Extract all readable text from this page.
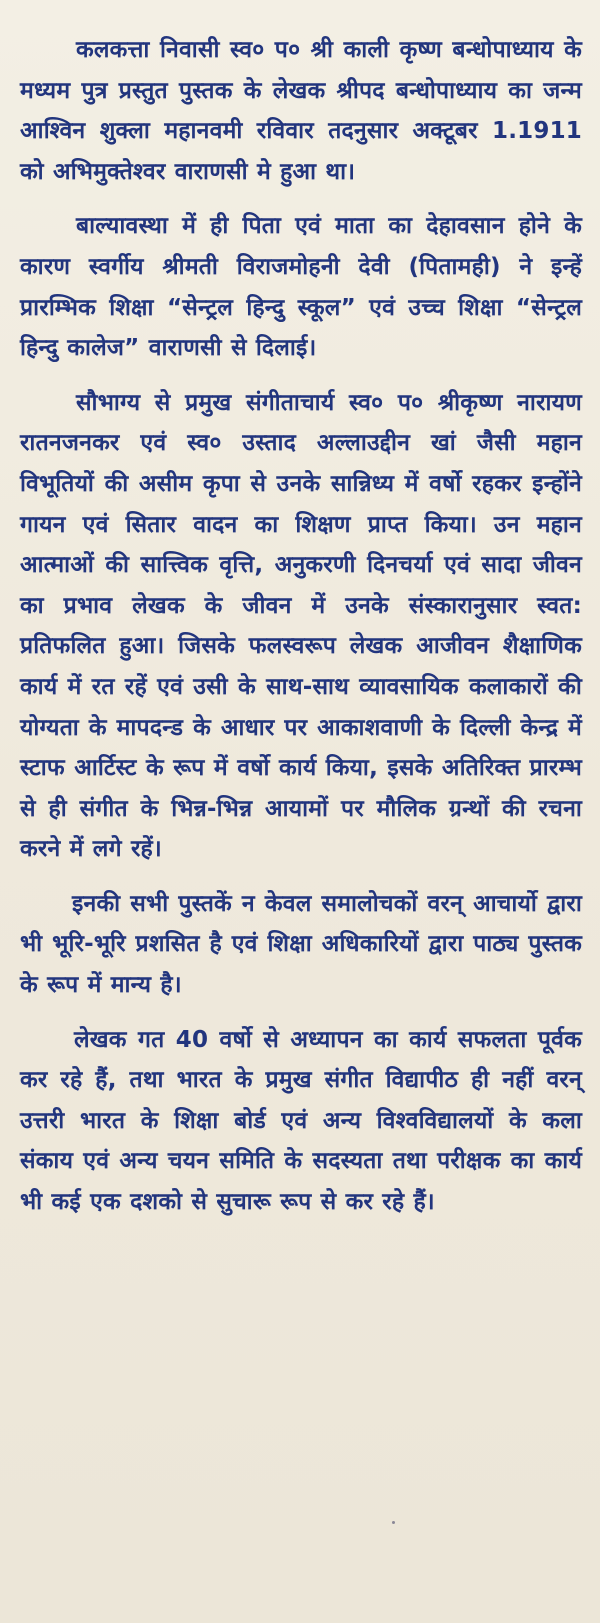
कलकत्ता निवासी स्व० प० श्री काली कृष्ण बन्धोपाध्याय के मध्यम पुत्र प्रस्तुत पुस्तक के लेखक श्रीपद बन्धोपाध्याय का जन्म आश्विन शुक्ला महानवमी रविवार तदनुसार अक्टूबर 1.1911 को अभिमुक्तेश्वर वाराणसी मे हुआ था।

बाल्यावस्था में ही पिता एवं माता का देहावसान होने के कारण स्वर्गीय श्रीमती विराजमोहनी देवी (पितामही) ने इन्हें प्रारम्भिक शिक्षा “सेन्ट्रल हिन्दु स्कूल” एवं उच्च शिक्षा “सेन्ट्रल हिन्दु कालेज” वाराणसी से दिलाई।

सौभाग्य से प्रमुख संगीताचार्य स्व० प० श्रीकृष्ण नारायण रातनजनकर एवं स्व० उस्ताद अल्लाउद्दीन खां जैसी महान विभूतियों की असीम कृपा से उनके सान्निध्य में वर्षो रहकर इन्होंने गायन एवं सितार वादन का शिक्षण प्राप्त किया। उन महान आत्माओं की सात्त्विक वृत्ति, अनुकरणी दिनचर्या एवं सादा जीवन का प्रभाव लेखक के जीवन में उनके संस्कारानुसार स्वत: प्रतिफलित हुआ। जिसके फलस्वरूप लेखक आजीवन शैक्षाणिक कार्य में रत रहें एवं उसी के साथ-साथ व्यावसायिक कलाकारों की योग्यता के मापदन्ड के आधार पर आकाशवाणी के दिल्ली केन्द्र में स्टाफ आर्टिस्ट के रूप में वर्षो कार्य किया, इसके अतिरिक्त प्रारम्भ से ही संगीत के भिन्न-भिन्न आयामों पर मौलिक ग्रन्थों की रचना करने में लगे रहें।

इनकी सभी पुस्तकें न केवल समालोचकों वरन् आचार्यो द्वारा भी भूरि-भूरि प्रशसित है एवं शिक्षा अधिकारियों द्वारा पाठ्य पुस्तक के रूप में मान्य है।

लेखक गत 40 वर्षो से अध्यापन का कार्य सफलता पूर्वक कर रहे हैं, तथा भारत के प्रमुख संगीत विद्यापीठ ही नहीं वरन् उत्तरी भारत के शिक्षा बोर्ड एवं अन्य विश्वविद्यालयों के कला संकाय एवं अन्य चयन समिति के सदस्यता तथा परीक्षक का कार्य भी कई एक दशको से सुचारू रूप से कर रहे हैं।
